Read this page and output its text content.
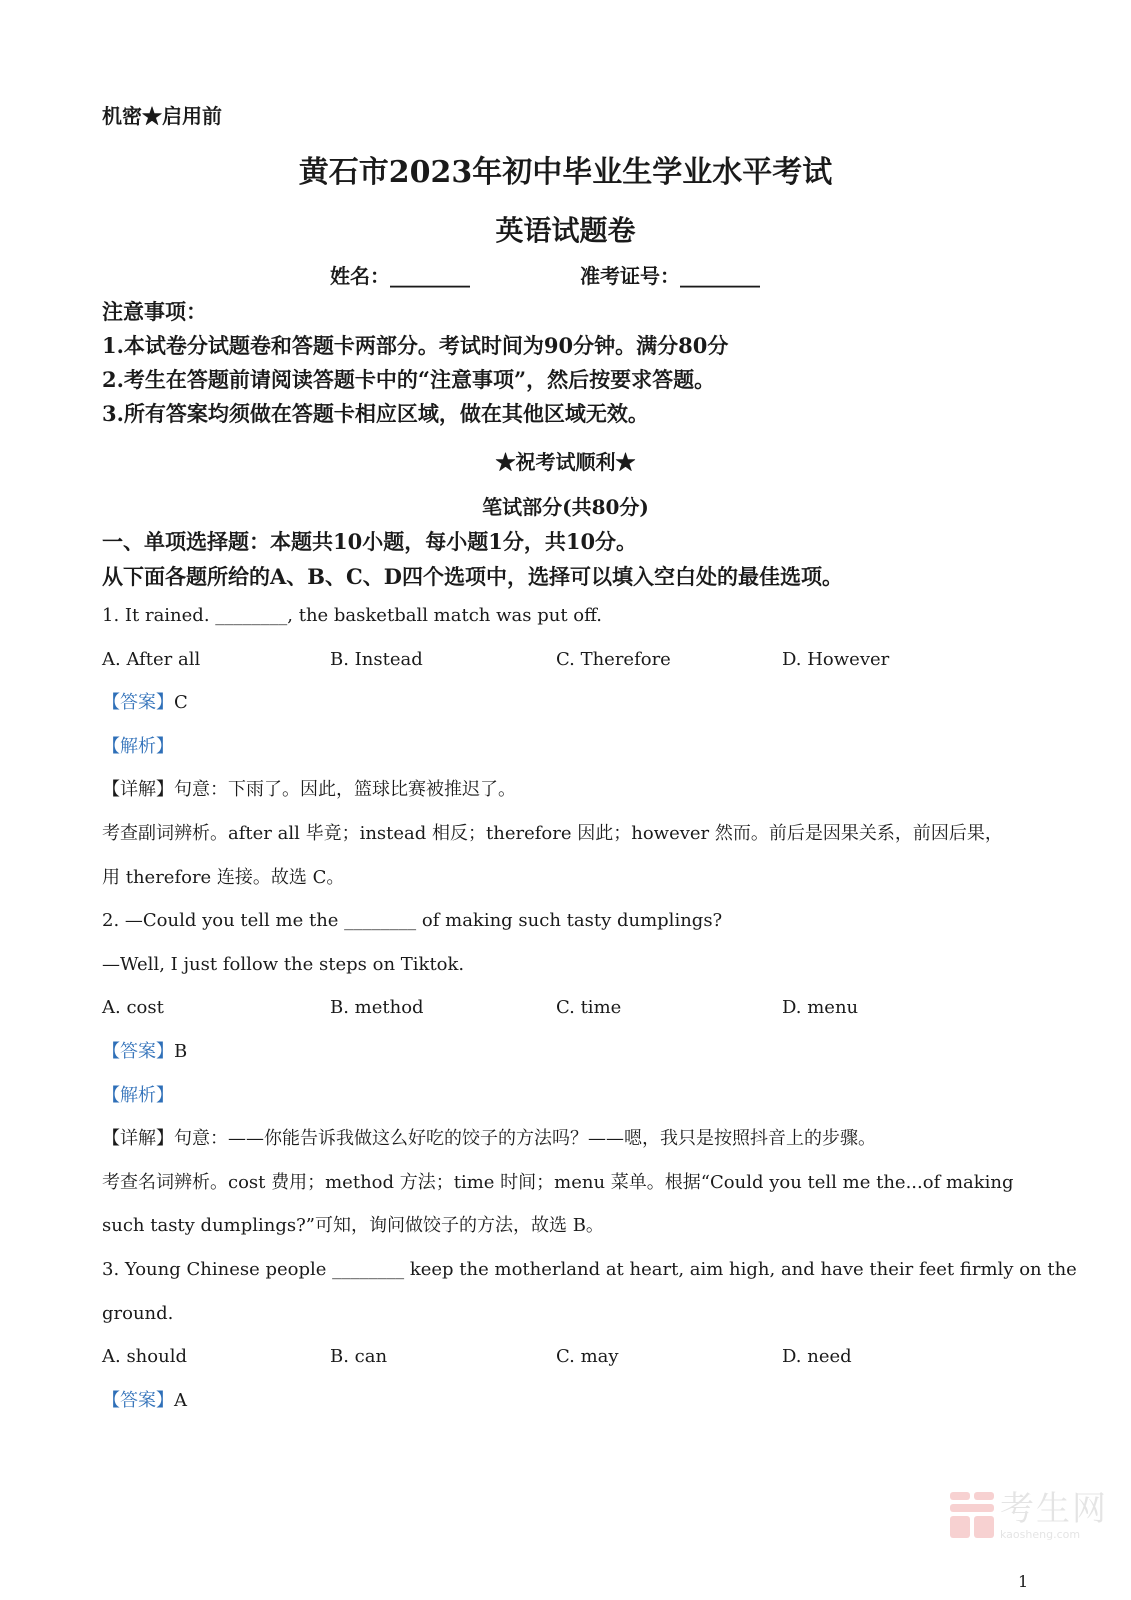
机密★启用前
黄石市2023年初中毕业生学业水平考试
英语试题卷
姓名：________	准考证号：________
注意事项：
1.本试卷分试题卷和答题卡两部分。考试时间为90分钟。满分80分
2.考生在答题前请阅读答题卡中的“注意事项”，然后按要求答题。
3.所有答案均须做在答题卡相应区域，做在其他区域无效。
★祝考试顺利★
笔试部分(共80分)
一、单项选择题：本题共10小题，每小题1分，共10分。
从下面各题所给的A、B、C、D四个选项中，选择可以填入空白处的最佳选项。
1. It rained. ________, the basketball match was put off.
A. After all	B. Instead	C. Therefore	D. However
【答案】C
【解析】
【详解】句意：下雨了。因此，篮球比赛被推迟了。
考查副词辨析。after all 毕竟；instead 相反；therefore 因此；however 然而。前后是因果关系，前因后果，
用 therefore 连接。故选 C。
2. —Could you tell me the ________ of making such tasty dumplings?
—Well, I just follow the steps on Tiktok.
A. cost	B. method	C. time	D. menu
【答案】B
【解析】
【详解】句意：——你能告诉我做这么好吃的饺子的方法吗？——嗯，我只是按照抖音上的步骤。
考查名词辨析。cost 费用；method 方法；time 时间；menu 菜单。根据“Could you tell me the...of making
such tasty dumplings?”可知，询问做饺子的方法，故选 B。
3. Young Chinese people ________ keep the motherland at heart, aim high, and have their feet firmly on the
ground.
A. should	B. can	C. may	D. need
【答案】A
考生网
kaosheng.com
1
